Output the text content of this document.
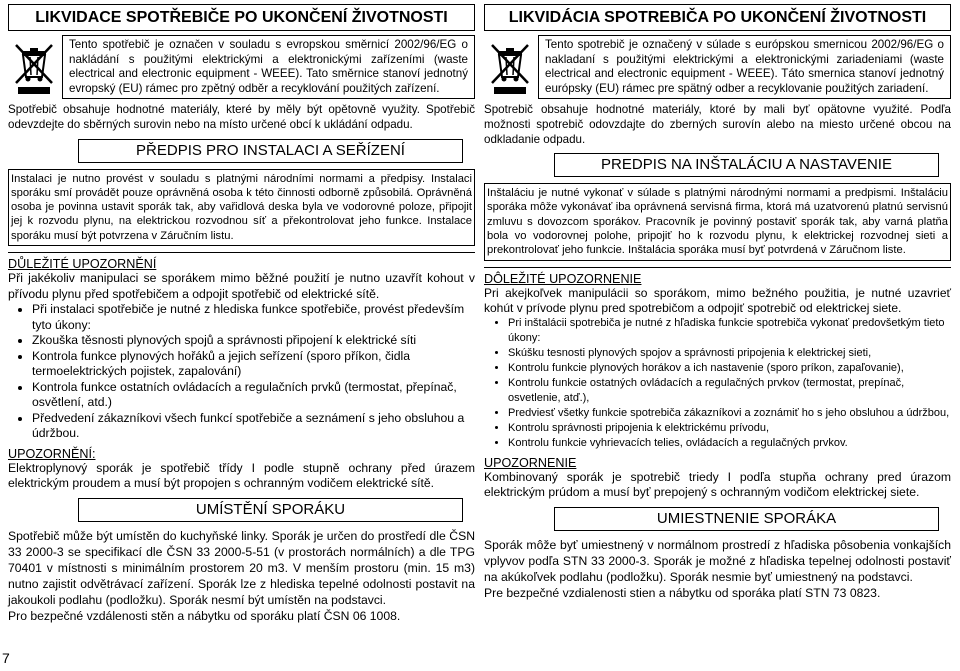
LIKVIDACE SPOTŘEBIČE PO UKONČENÍ ŽIVOTNOSTI
Tento spotřebič je označen v souladu s evropskou směrnicí 2002/96/EG o nakládání s použitými elektrickými a elektronickými zařízeními (waste electrical and electronic equipment - WEEE). Tato směrnice stanoví jednotný evropský (EU) rámec pro zpětný odběr a recyklování použitých zařízení.

Spotřebič obsahuje hodnotné materiály, které by měly být opětovně využity. Spotřebič odevzdejte do sběrných surovin nebo na místo určené obcí k ukládání odpadu.

PŘEDPIS PRO INSTALACI A SEŘÍZENÍ
Instalaci je nutno provést v souladu s platnými národními normami a předpisy. Instalaci sporáku smí provádět pouze oprávněná osoba k této činnosti odborně způsobilá. Oprávněná osoba je povinna ustavit sporák tak, aby vařidlová deska byla ve vodorovné poloze, připojit jej k rozvodu plynu, na elektrickou rozvodnou síť a překontrolovat jeho funkce. Instalace sporáku musí být potvrzena v Záručním listu.
DŮLEŽITÉ UPOZORNĚNÍ
Při jakékoliv manipulaci se sporákem mimo běžné použití je nutno uzavřít kohout v přívodu plynu před spotřebičem a odpojit spotřebič od elektrické sítě.
• Při instalaci spotřebiče je nutné z hlediska funkce spotřebiče, provést především tyto úkony:
• Zkouška těsnosti plynových spojů a správnosti připojení k elektrické síti
• Kontrola funkce plynových hořáků a jejich seřízení (sporo příkon, čidla termoelektrických pojistek, zapalování)
• Kontrola funkce ostatních ovládacích a regulačních prvků (termostat, přepínač, osvětlení, atd.)
• Předvedení zákazníkovi všech funkcí spotřebiče a seznámení s jeho obsluhou a údržbou.
UPOZORNĚNÍ:
Elektroplynový sporák je spotřebič třídy I podle stupně ochrany před úrazem elektrickým proudem a musí být propojen s ochranným vodičem elektrické sítě.
UMÍSTĚNÍ SPORÁKU
Spotřebič může být umístěn do kuchyňské linky. Sporák je určen do prostředí dle ČSN 33 2000-3 se specifikací dle ČSN 33 2000-5-51 (v prostorách normálních) a dle TPG 70401 v místnosti s minimálním prostorem 20 m3. V menším prostoru (min. 15 m3) nutno zajistit odvětrávací zařízení. Sporák lze z hlediska tepelné odolnosti postavit na jakoukoli podlahu (podložku). Sporák nesmí být umístěn na podstavci.
Pro bezpečné vzdálenosti stěn a nábytku od sporáku platí ČSN 06 1008.
LIKVIDÁCIA SPOTREBIČA PO UKONČENÍ ŽIVOTNOSTI
Tento spotrebič je označený v súlade s európskou smernicou 2002/96/EG o nakladaní s použitými elektrickými a elektronickými zariadeniami (waste electrical and electronic equipment - WEEE). Táto smernica stanoví jednotný európsky (EU) rámec pre spätný odber a recyklovanie použitých zariadení.

Spotrebič obsahuje hodnotné materiály, ktoré by mali byť opätovne využité. Podľa možnosti spotrebič odovzdajte do zberných surovín alebo na miesto určené obcou na odkladanie odpadu.

PREDPIS NA INŠTALÁCIU A NASTAVENIE
Inštaláciu je nutné vykonať v súlade s platnými národnými normami a predpismi. Inštaláciu sporáka môže vykonávať iba oprávnená servisná firma, ktorá má uzatvorenú platnú servisnú zmluvu s dovozcom sporákov. Pracovník je povinný postaviť sporák tak, aby varná platňa bola vo vodorovnej polohe, pripojiť ho k rozvodu plynu, k elektrickej rozvodnej sieti a prekontrolovať jeho funkcie. Inštalácia sporáka musí byť potvrdená v Záručnom liste.
DÔLEŽITÉ UPOZORNENIE
Pri akejkoľvek manipulácii so sporákom, mimo bežného použitia, je nutné uzavrieť kohút v prívode plynu pred spotrebičom a odpojiť spotrebič od elektrickej siete.
• Pri inštalácii spotrebiča je nutné z hľadiska funkcie spotrebiča vykonať predovšetkým tieto úkony:
• Skúšku tesnosti plynových spojov a správnosti pripojenia k elektrickej sieti,
• Kontrolu funkcie plynových horákov a ich nastavenie (sporo príkon, zapaľovanie),
• Kontrolu funkcie ostatných ovládacích a regulačných prvkov (termostat, prepínač, osvetlenie, atď.),
• Predviesť všetky funkcie spotrebiča zákazníkovi a zoznámiť ho s jeho obsluhou a údržbou,
• Kontrolu správnosti pripojenia k elektrickému prívodu,
• Kontrolu funkcie vyhrievacích telies, ovládacích a regulačných prvkov.
UPOZORNENIE
Kombinovaný sporák je spotrebič triedy I podľa stupňa ochrany pred úrazom elektrickým prúdom a musí byť prepojený s ochranným vodičom elektrickej siete.
UMIESTNENIE SPORÁKA
Sporák môže byť umiestnený v normálnom prostredí z hľadiska pôsobenia vonkajších vplyvov podľa STN 33 2000-3. Sporák je možné z hľadiska tepelnej odolnosti postaviť na akúkoľvek podlahu (podložku). Sporák nesmie byť umiestnený na podstavci.
Pre bezpečné vzdialenosti stien a nábytku od sporáka platí STN 73 0823.
7
